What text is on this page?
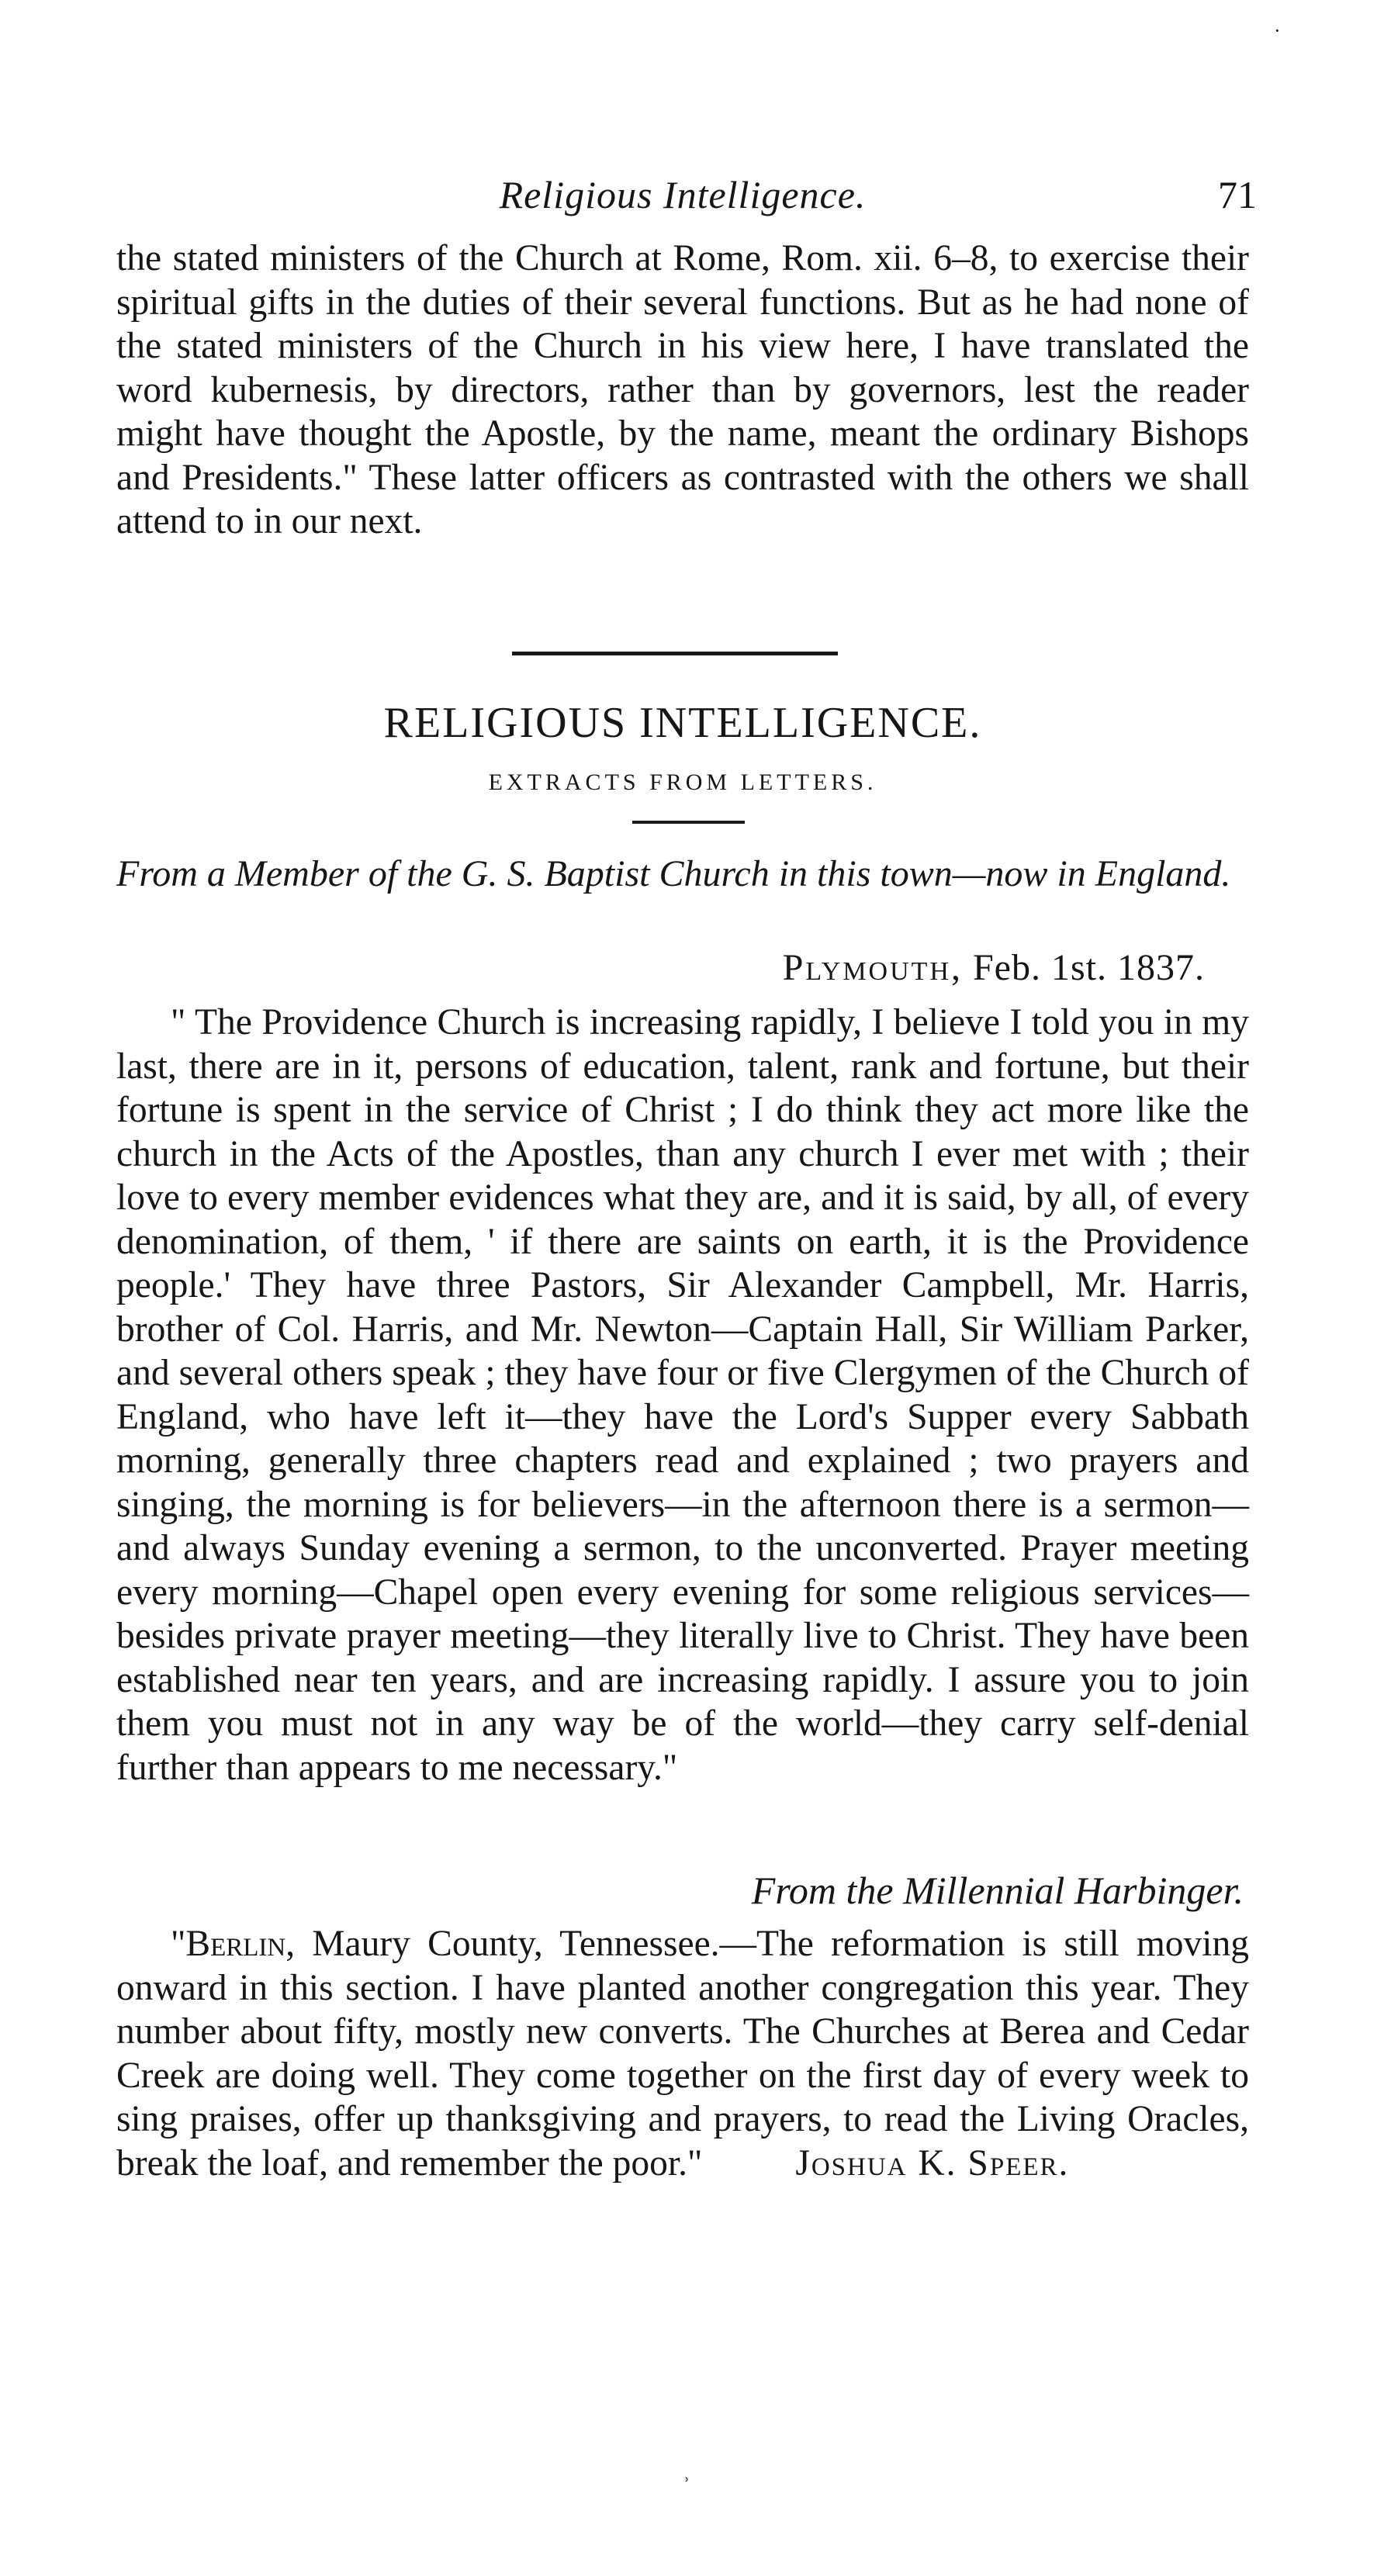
·
Religious Intelligence.	71

the stated ministers of the Church at Rome, Rom. xii. 6–8, to exercise their spiritual gifts in the duties of their several functions. But as he had none of the stated ministers of the Church in his view here, I have translated the word kubernesis, by directors, rather than by governors, lest the reader might have thought the Apostle, by the name, meant the ordinary Bishops and Presidents." These latter officers as contrasted with the others we shall attend to in our next.

RELIGIOUS INTELLIGENCE.
EXTRACTS FROM LETTERS.
From a Member of the G. S. Baptist Church in this town—now in England.
Plymouth, Feb. 1st. 1837.

" The Providence Church is increasing rapidly, I believe I told you in my last, there are in it, persons of education, talent, rank and fortune, but their fortune is spent in the service of Christ ; I do think they act more like the church in the Acts of the Apostles, than any church I ever met with ; their love to every member evidences what they are, and it is said, by all, of every denomination, of them, ' if there are saints on earth, it is the Providence people.' They have three Pastors, Sir Alexander Campbell, Mr. Harris, brother of Col. Harris, and Mr. Newton—Captain Hall, Sir William Parker, and several others speak ; they have four or five Clergymen of the Church of England, who have left it—they have the Lord's Supper every Sabbath morning, generally three chapters read and explained ; two prayers and singing, the morning is for believers—in the afternoon there is a sermon—and always Sunday evening a sermon, to the unconverted. Prayer meeting every morning—Chapel open every evening for some religious services—besides private prayer meeting—they literally live to Christ. They have been established near ten years, and are increasing rapidly. I assure you to join them you must not in any way be of the world—they carry self-denial further than appears to me necessary."

From the Millennial Harbinger.

"Berlin, Maury County, Tennessee.—The reformation is still moving onward in this section. I have planted another congregation this year. They number about fifty, mostly new converts. The Churches at Berea and Cedar Creek are doing well. They come together on the first day of every week to sing praises, offer up thanksgiving and prayers, to read the Living Oracles, break the loaf, and remember the poor."	Joshua K. Speer.

˒
